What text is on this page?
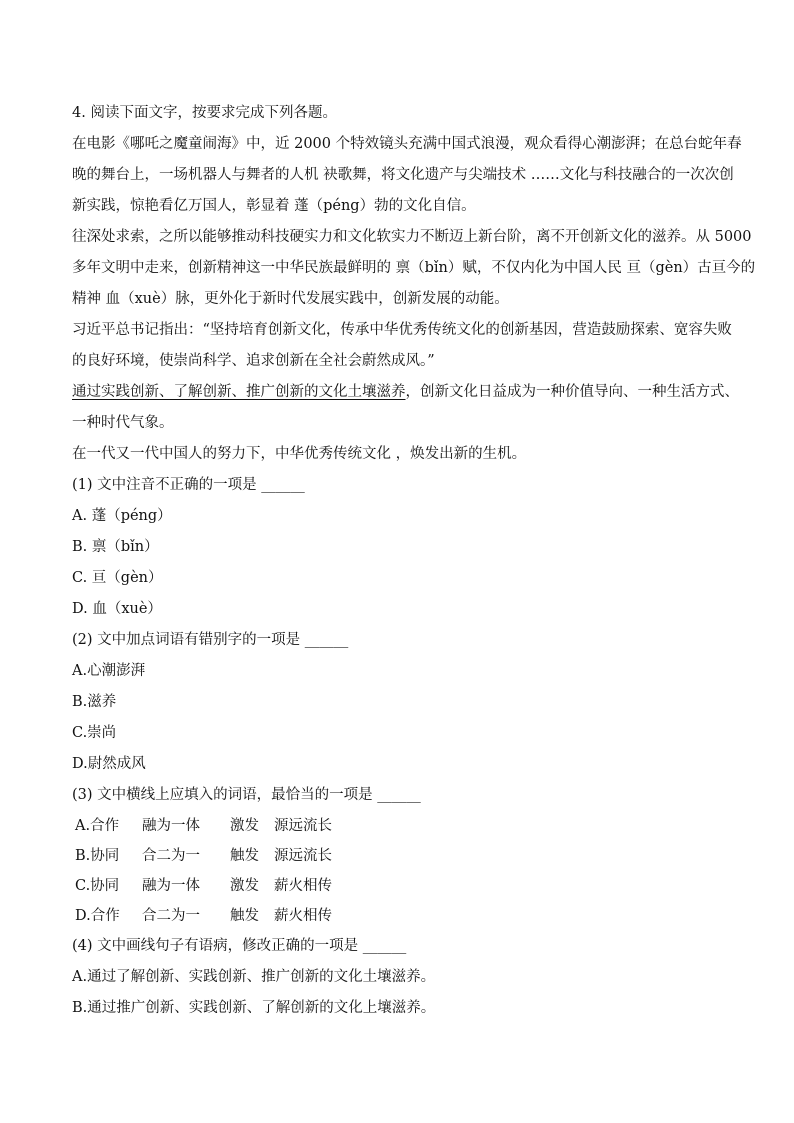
4. 阅读下面文字，按要求完成下列各题。
在电影《哪吒之魔童闹海》中，近 2000 个特效镜头充满中国式浪漫，观众看得心潮澎湃；在总台蛇年春
晚的舞台上，一场机器人与舞者的人机 袂歌舞，将文化遗产与尖端技术 ……文化与科技融合的一次次创
新实践，惊艳看亿万国人，彰显着 蓬（péng）勃的文化自信。
往深处求索，之所以能够推动科技硬实力和文化软实力不断迈上新台阶，离不开创新文化的滋养。从 5000
多年文明中走来，创新精神这一中华民族最鲜明的 禀（bǐn）赋，不仅内化为中国人民 亘（gèn）古亘今的
精神 血（xuè）脉，更外化于新时代发展实践中，创新发展的动能。
习近平总书记指出：“坚持培育创新文化，传承中华优秀传统文化的创新基因，营造鼓励探索、宽容失败
的良好环境，使崇尚科学、追求创新在全社会蔚然成风。”
通过实践创新、了解创新、推广创新的文化土壤滋养，创新文化日益成为一种价值导向、一种生活方式、
一种时代气象。
在一代又一代中国人的努力下，中华优秀传统文化 ，焕发出新的生机。
(1) 文中注音不正确的一项是 ______
A. 蓬（péng）
B. 禀（bǐn）
C. 亘（gèn）
D. 血（xuè）
(2) 文中加点词语有错别字的一项是 ______
A.心潮澎湃
B.滋养
C.崇尚
D.尉然成风
(3) 文中横线上应填入的词语，最恰当的一项是 ______
A.合作	融为一体	激发	源远流长
B.协同	合二为一	触发	源远流长
C.协同	融为一体	激发	薪火相传
D.合作	合二为一	触发	薪火相传
(4) 文中画线句子有语病，修改正确的一项是 ______
A.通过了解创新、实践创新、推广创新的文化土壤滋养。
B.通过推广创新、实践创新、了解创新的文化上壤滋养。
